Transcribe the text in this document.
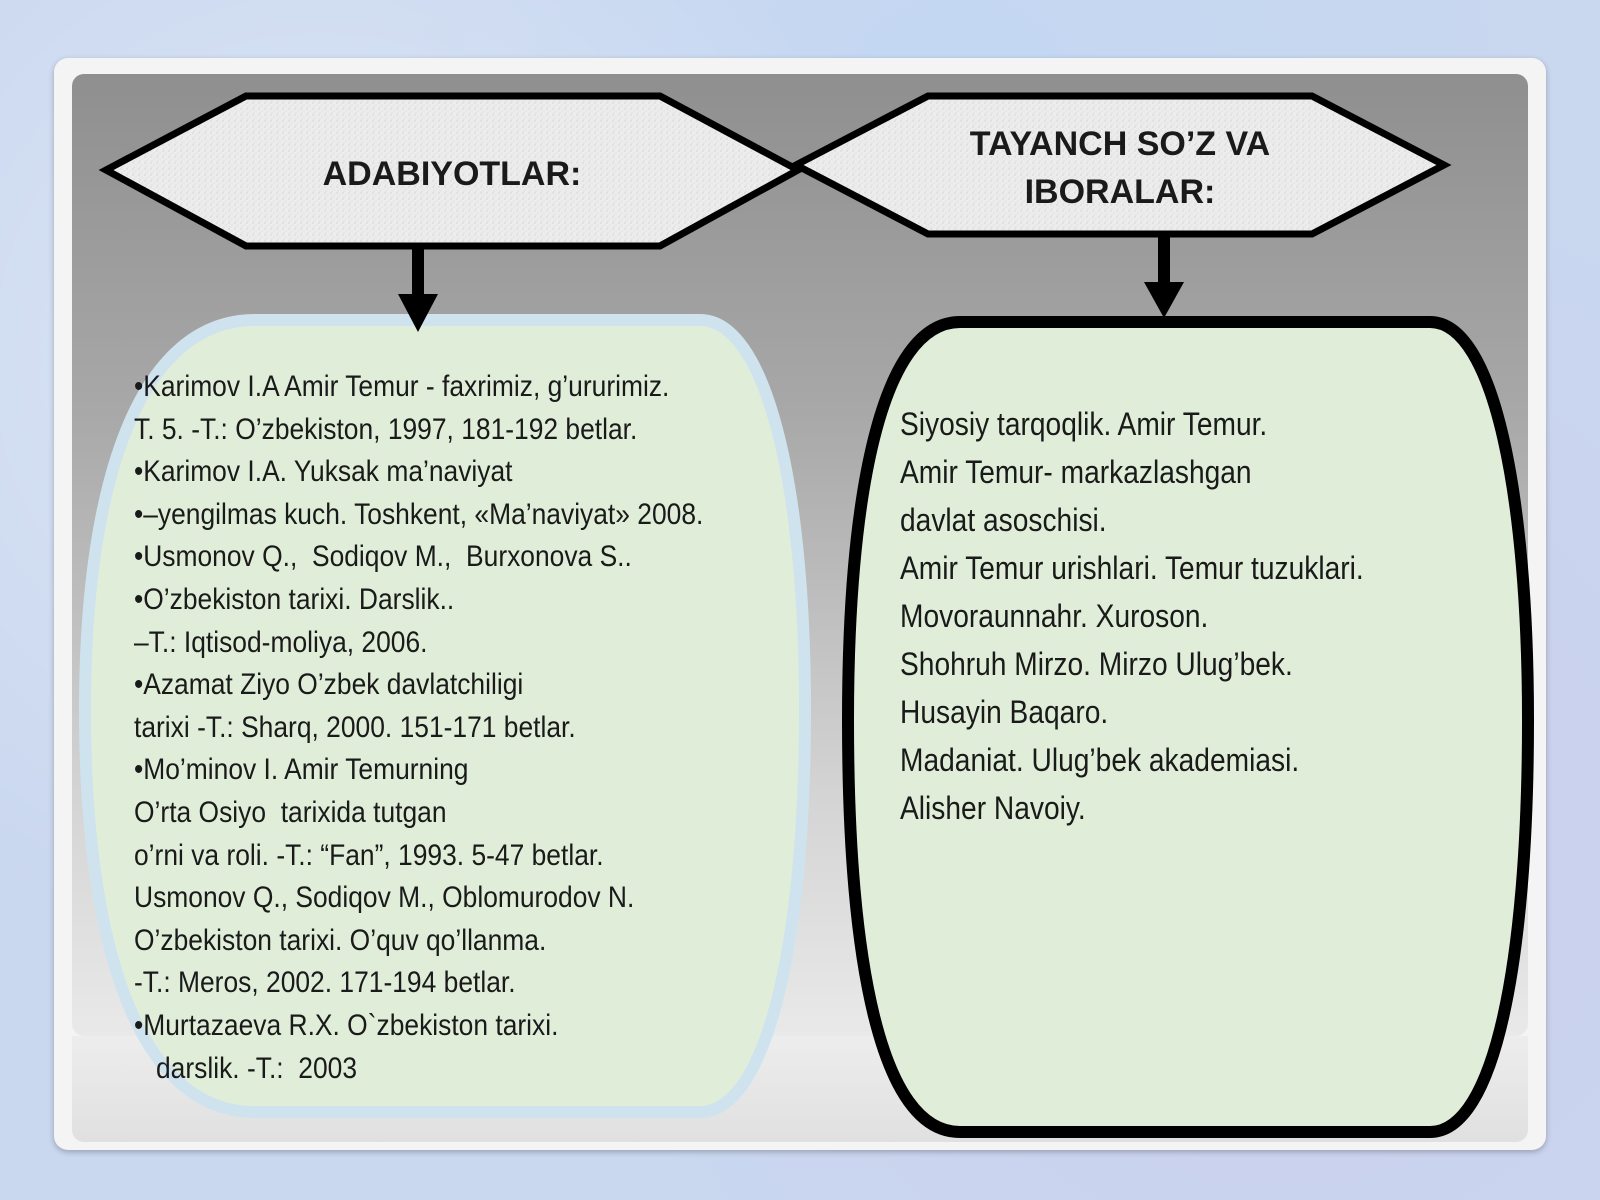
ADABIYOTLAR:
TAYANCH SO’Z VA
IBORALAR:
•Karimov I.A Amir Temur - faxrimiz, g’ururimiz.
T. 5. -T.: O’zbekiston, 1997, 181-192 betlar.
•Karimov I.A. Yuksak ma’naviyat
•–yengilmas kuch. Toshkent, «Ma’naviyat» 2008.
•Usmonov Q.,  Sodiqov M.,  Burxonova S..
•O’zbekiston tarixi. Darslik..
–T.: Iqtisod-moliya, 2006.
•Azamat Ziyo O’zbek davlatchiligi
tarixi -T.: Sharq, 2000. 151-171 betlar.
•Mo’minov I. Amir Temurning
O’rta Osiyo  tarixida tutgan
o’rni va roli. -T.: “Fan”, 1993. 5-47 betlar.
Usmonov Q., Sodiqov M., Oblomurodov N.
O’zbekiston tarixi. O’quv qo’llanma.
-T.: Meros, 2002. 171-194 betlar.
•Murtazaeva R.X. O`zbekiston tarixi.
darslik. -T.:  2003
Siyosiy tarqoqlik. Amir Temur.
Amir Temur- markazlashgan
davlat asoschisi.
Amir Temur urishlari. Temur tuzuklari.
Movoraunnahr. Xuroson.
Shohruh Mirzo. Mirzo Ulug’bek.
Husayin Baqaro.
Madaniat. Ulug’bek akademiasi.
Alisher Navoiy.
